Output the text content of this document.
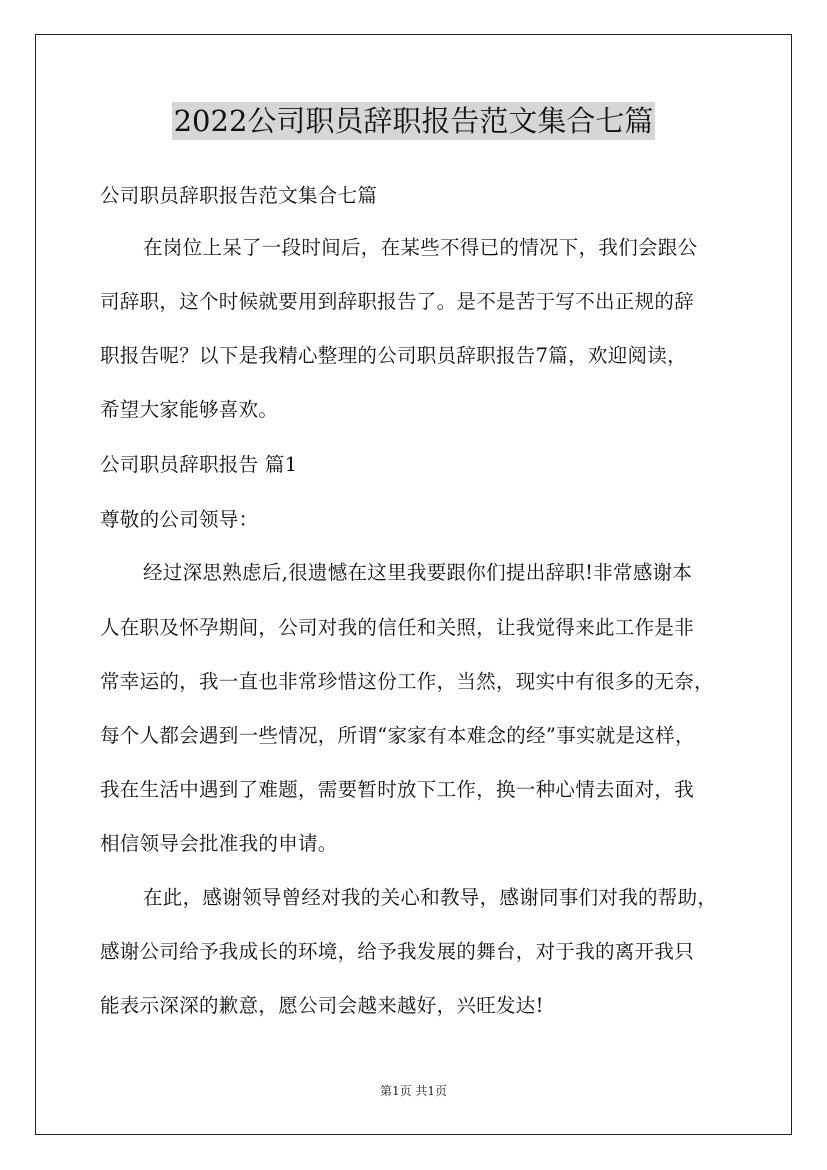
2022公司职员辞职报告范文集合七篇
公司职员辞职报告范文集合七篇
在岗位上呆了一段时间后，在某些不得已的情况下，我们会跟公
司辞职，这个时候就要用到辞职报告了。是不是苦于写不出正规的辞
职报告呢？以下是我精心整理的公司职员辞职报告7篇，欢迎阅读，
希望大家能够喜欢。
公司职员辞职报告 篇1
尊敬的公司领导：
经过深思熟虑后,很遗憾在这里我要跟你们提出辞职!非常感谢本
人在职及怀孕期间，公司对我的信任和关照，让我觉得来此工作是非
常幸运的，我一直也非常珍惜这份工作，当然，现实中有很多的无奈，
每个人都会遇到一些情况，所谓“家家有本难念的经”事实就是这样，
我在生活中遇到了难题，需要暂时放下工作，换一种心情去面对，我
相信领导会批准我的申请。
在此，感谢领导曾经对我的关心和教导，感谢同事们对我的帮助，
感谢公司给予我成长的环境，给予我发展的舞台，对于我的离开我只
能表示深深的歉意，愿公司会越来越好，兴旺发达!
第1页 共1页
